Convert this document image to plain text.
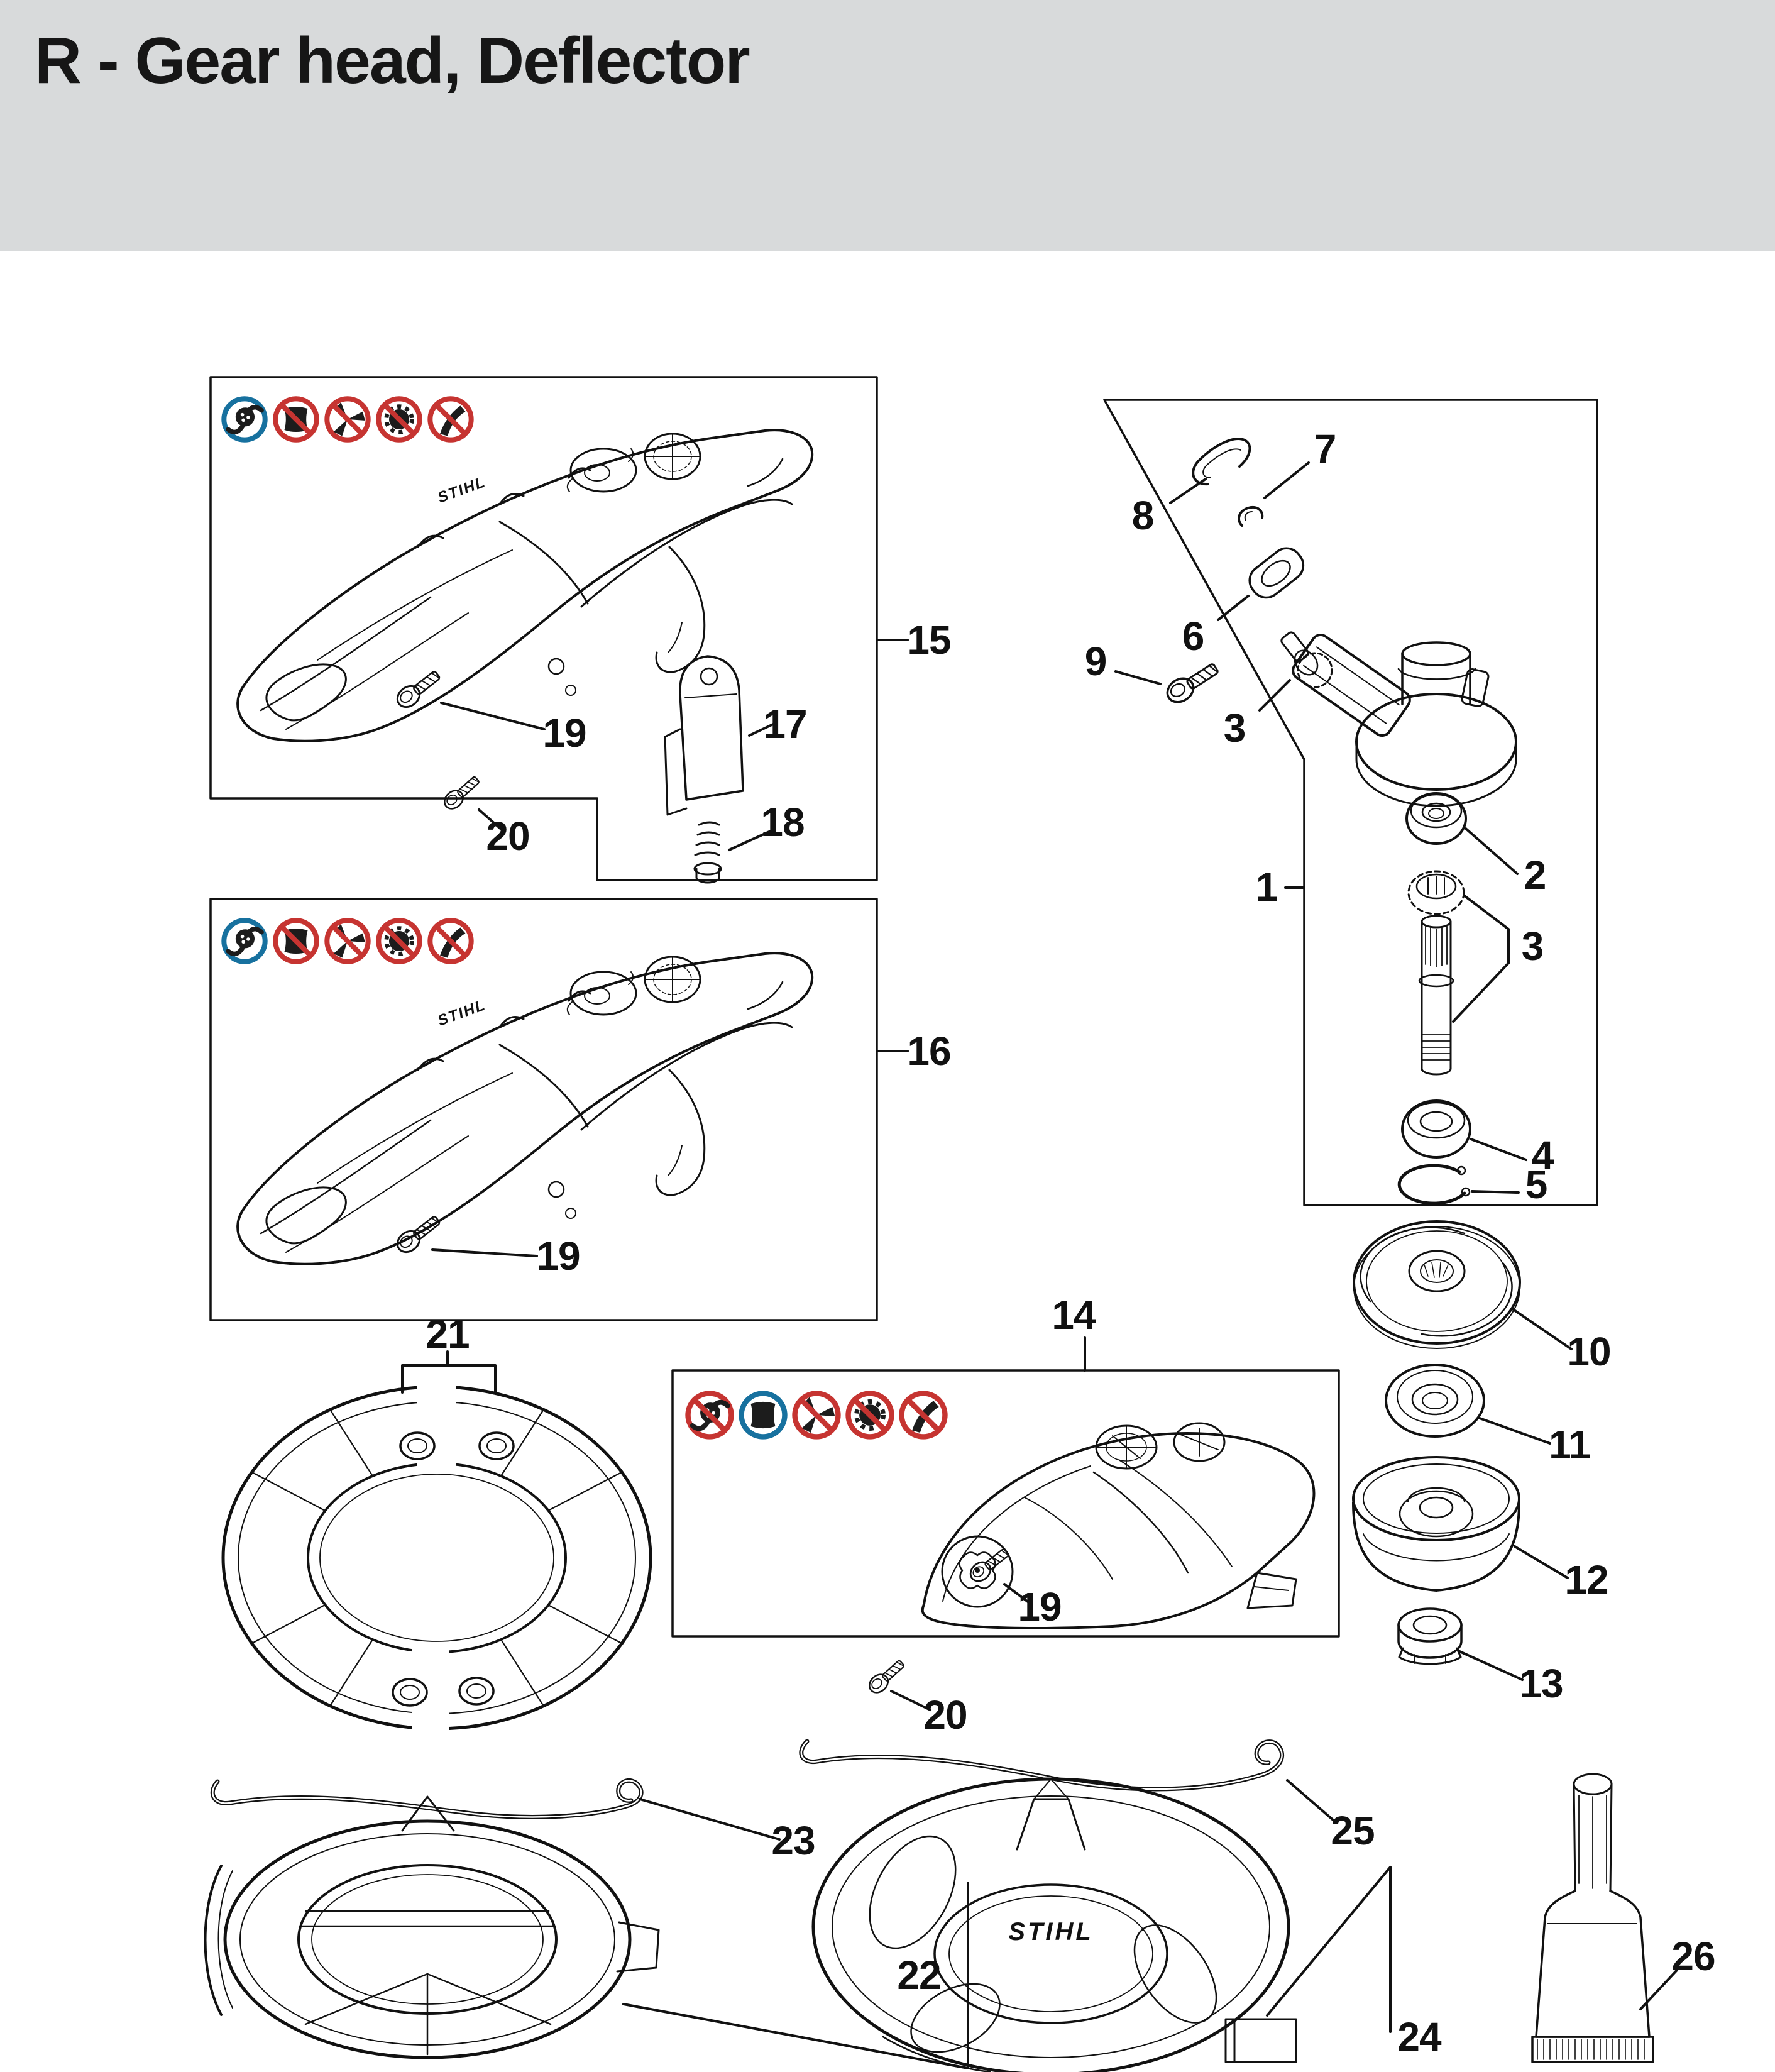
R - Gear head, Deflector
STIHL
STIHL
STIHL
1	2
3
3
4
5
6
7
8
9
10
11
12
13
14
15
16
17
18
19
19
19
20
20
21
22
23
24
25
26
